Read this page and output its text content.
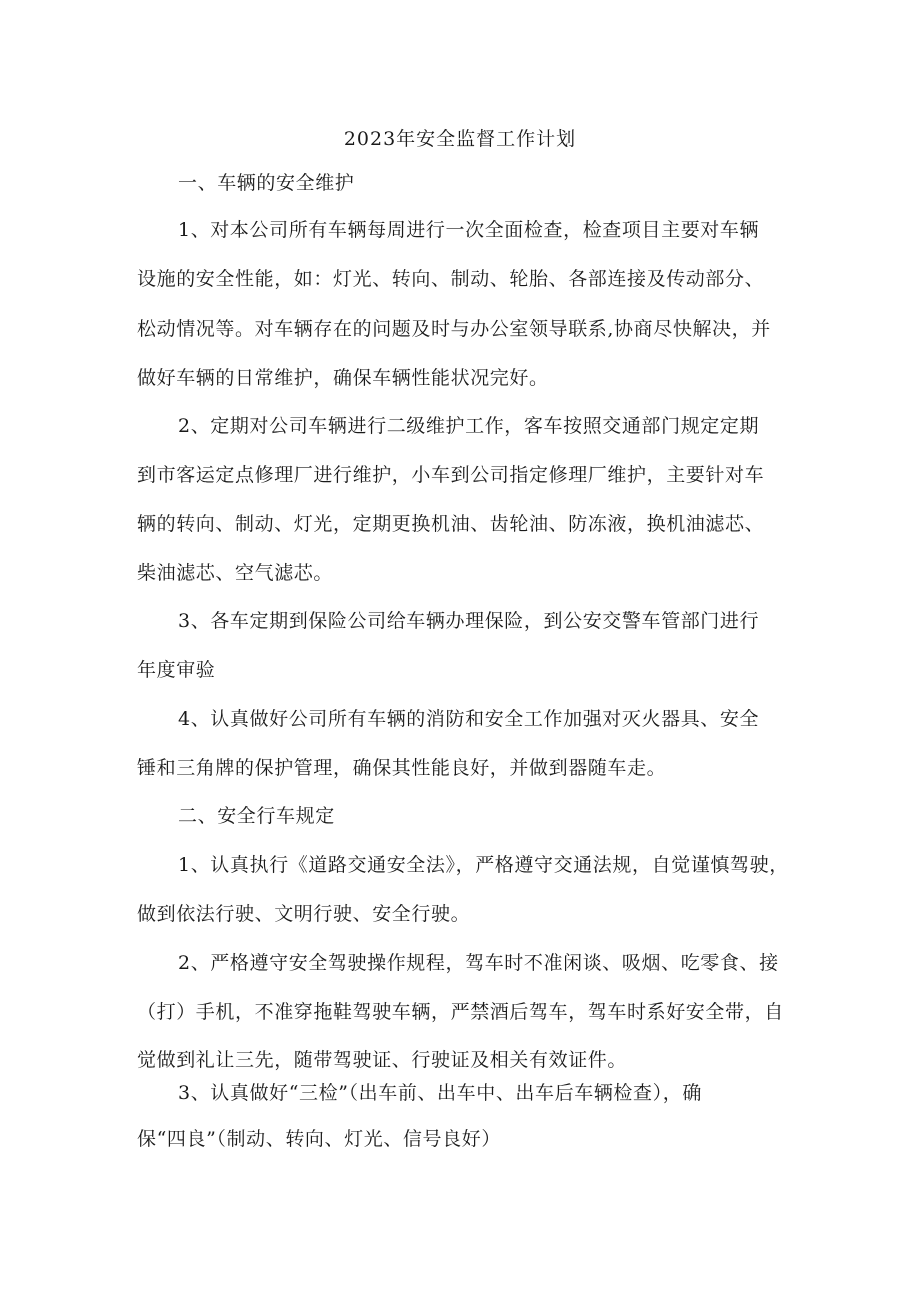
2023年安全监督工作计划
一、车辆的安全维护
1、对本公司所有车辆每周进行一次全面检查，检查项目主要对车辆
设施的安全性能，如：灯光、转向、制动、轮胎、各部连接及传动部分、
松动情况等。对车辆存在的问题及时与办公室领导联系,协商尽快解决，并
做好车辆的日常维护，确保车辆性能状况完好。
2、定期对公司车辆进行二级维护工作，客车按照交通部门规定定期
到市客运定点修理厂进行维护，小车到公司指定修理厂维护，主要针对车
辆的转向、制动、灯光，定期更换机油、齿轮油、防冻液，换机油滤芯、
柴油滤芯、空气滤芯。
3、各车定期到保险公司给车辆办理保险，到公安交警车管部门进行
年度审验
4、认真做好公司所有车辆的消防和安全工作加强对灭火器具、安全
锤和三角牌的保护管理，确保其性能良好，并做到器随车走。
二、安全行车规定
1、认真执行《道路交通安全法》，严格遵守交通法规，自觉谨慎驾驶，
做到依法行驶、文明行驶、安全行驶。
2、严格遵守安全驾驶操作规程，驾车时不准闲谈、吸烟、吃零食、接
（打）手机，不准穿拖鞋驾驶车辆，严禁酒后驾车，驾车时系好安全带，自
觉做到礼让三先，随带驾驶证、行驶证及相关有效证件。
3、认真做好“三检”（出车前、出车中、出车后车辆检查），确
保“四良”（制动、转向、灯光、信号良好）
